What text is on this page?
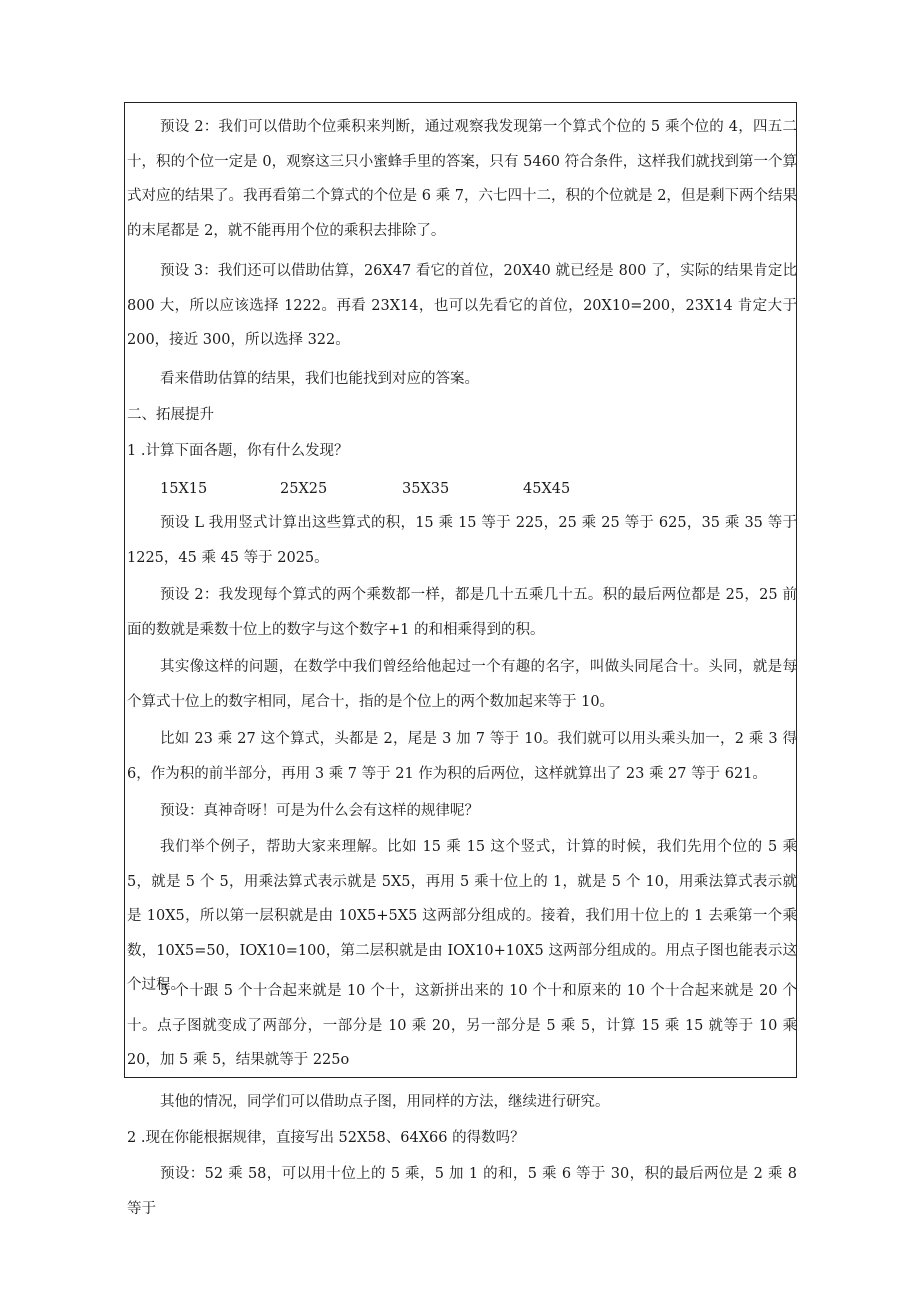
预设 2：我们可以借助个位乘积来判断，通过观察我发现第一个算式个位的 5 乘个位的 4，四五二十，积的个位一定是 0，观察这三只小蜜蜂手里的答案，只有 5460 符合条件，这样我们就找到第一个算式对应的结果了。我再看第二个算式的个位是 6 乘 7，六七四十二，积的个位就是 2，但是剩下两个结果的末尾都是 2，就不能再用个位的乘积去排除了。

预设 3：我们还可以借助估算，26X47 看它的首位，20X40 就已经是 800 了，实际的结果肯定比 800 大，所以应该选择 1222。再看 23X14，也可以先看它的首位，20X10=200，23X14 肯定大于 200，接近 300，所以选择 322。

看来借助估算的结果，我们也能找到对应的答案。

二、拓展提升

1 .计算下面各题，你有什么发现？

15X15	25X25	35X35	45X45

预设 L 我用竖式计算出这些算式的积，15 乘 15 等于 225，25 乘 25 等于 625，35 乘 35 等于 1225，45 乘 45 等于 2025。

预设 2：我发现每个算式的两个乘数都一样，都是几十五乘几十五。积的最后两位都是 25，25 前面的数就是乘数十位上的数字与这个数字+1 的和相乘得到的积。

其实像这样的问题，在数学中我们曾经给他起过一个有趣的名字，叫做头同尾合十。头同，就是每个算式十位上的数字相同，尾合十，指的是个位上的两个数加起来等于 10。

比如 23 乘 27 这个算式，头都是 2，尾是 3 加 7 等于 10。我们就可以用头乘头加一，2 乘 3 得 6，作为积的前半部分，再用 3 乘 7 等于 21 作为积的后两位，这样就算出了 23 乘 27 等于 621。

预设：真神奇呀！可是为什么会有这样的规律呢？

我们举个例子，帮助大家来理解。比如 15 乘 15 这个竖式，计算的时候，我们先用个位的 5 乘 5，就是 5 个 5，用乘法算式表示就是 5X5，再用 5 乘十位上的 1，就是 5 个 10，用乘法算式表示就是 10X5，所以第一层积就是由 10X5+5X5 这两部分组成的。接着，我们用十位上的 1 去乘第一个乘数，10X5=50，IOX10=100，第二层积就是由 IOX10+10X5 这两部分组成的。用点子图也能表示这个过程。

5 个十跟 5 个十合起来就是 10 个十，这新拼出来的 10 个十和原来的 10 个十合起来就是 20 个十。点子图就变成了两部分，一部分是 10 乘 20，另一部分是 5 乘 5，计算 15 乘 15 就等于 10 乘 20，加 5 乘 5，结果就等于 225o

其他的情况，同学们可以借助点子图，用同样的方法，继续进行研究。

2 .现在你能根据规律，直接写出 52X58、64X66 的得数吗？

预设：52 乘 58，可以用十位上的 5 乘，5 加 1 的和，5 乘 6 等于 30，积的最后两位是 2 乘 8 等于
